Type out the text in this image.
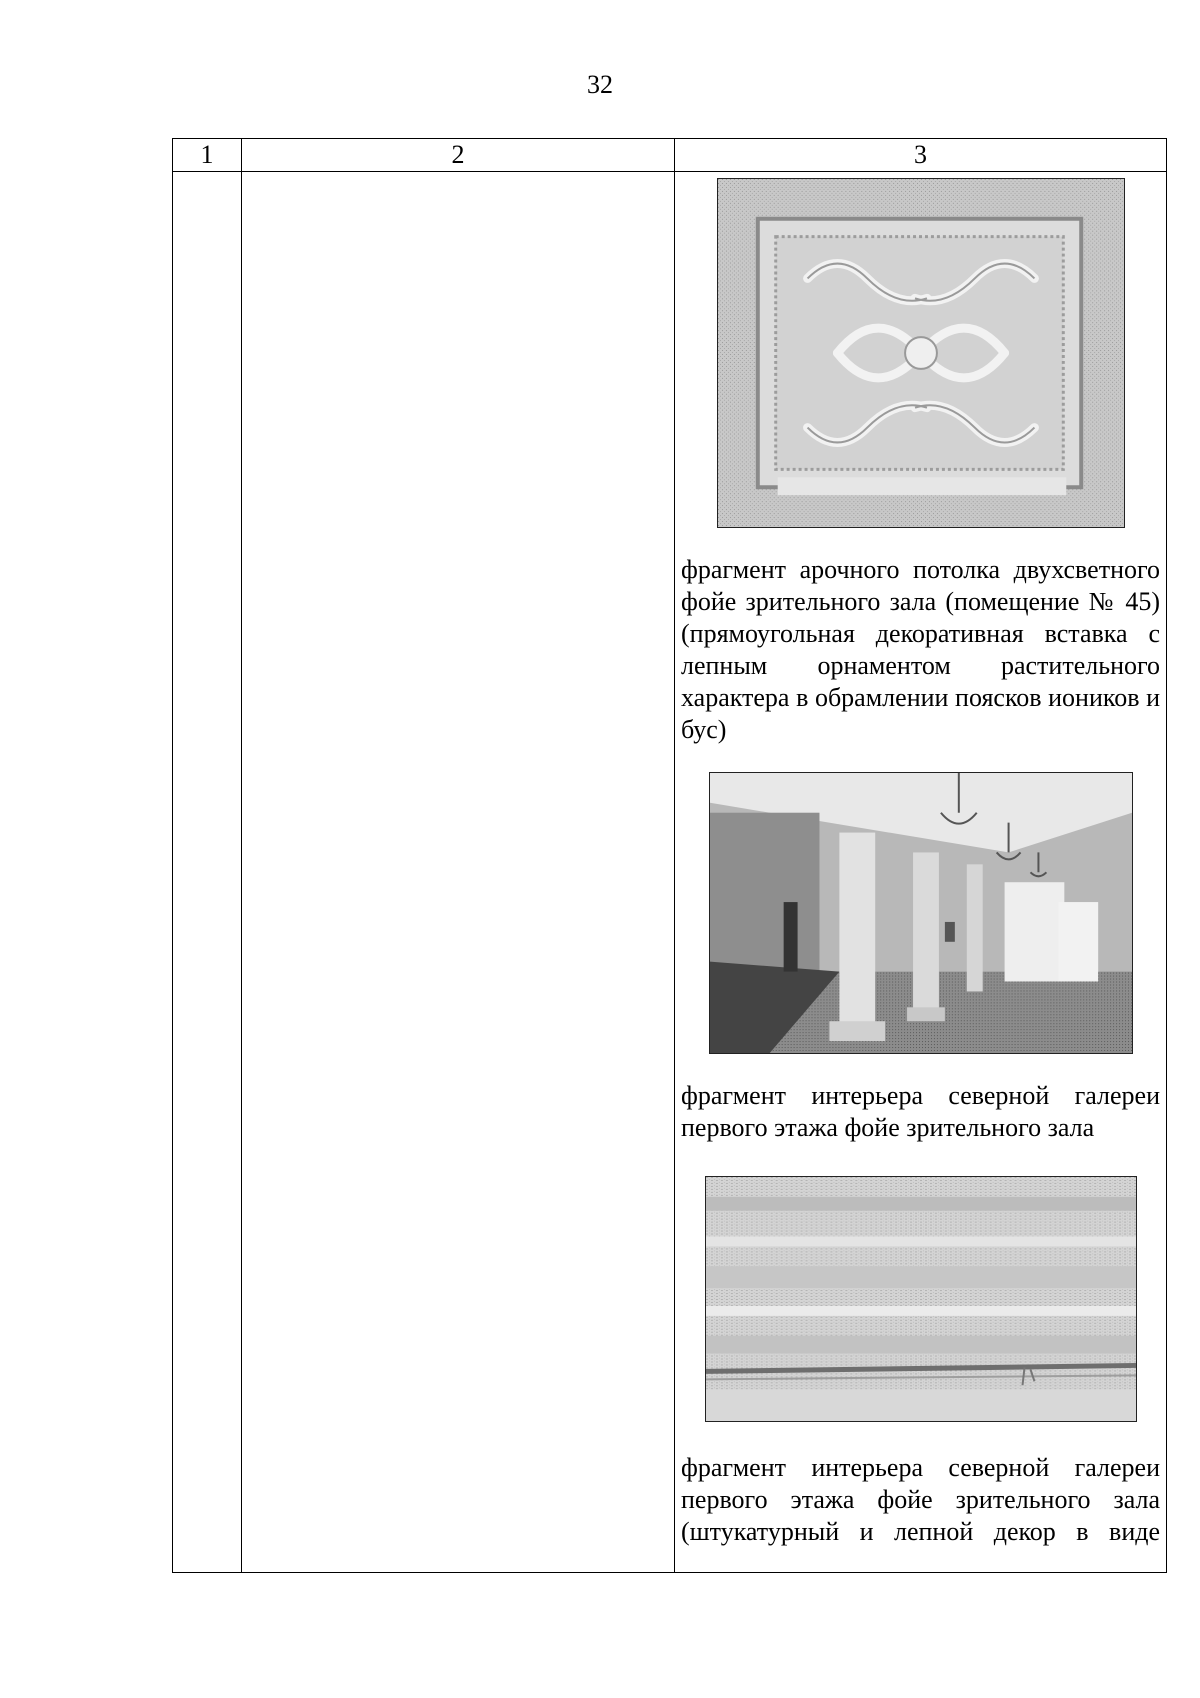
32
1	2	3

		фрагмент арочного потолка двухсветного фойе зрительного зала (помещение № 45) (прямоугольная декоративная вставка с лепным орнаментом растительного характера в обрамлении поясков иоников и бус)

фрагмент интерьера северной галереи первого этажа фойе зрительного зала

фрагмент интерьера северной галереи первого этажа фойе зрительного зала (штукатурный и лепной декор в виде
